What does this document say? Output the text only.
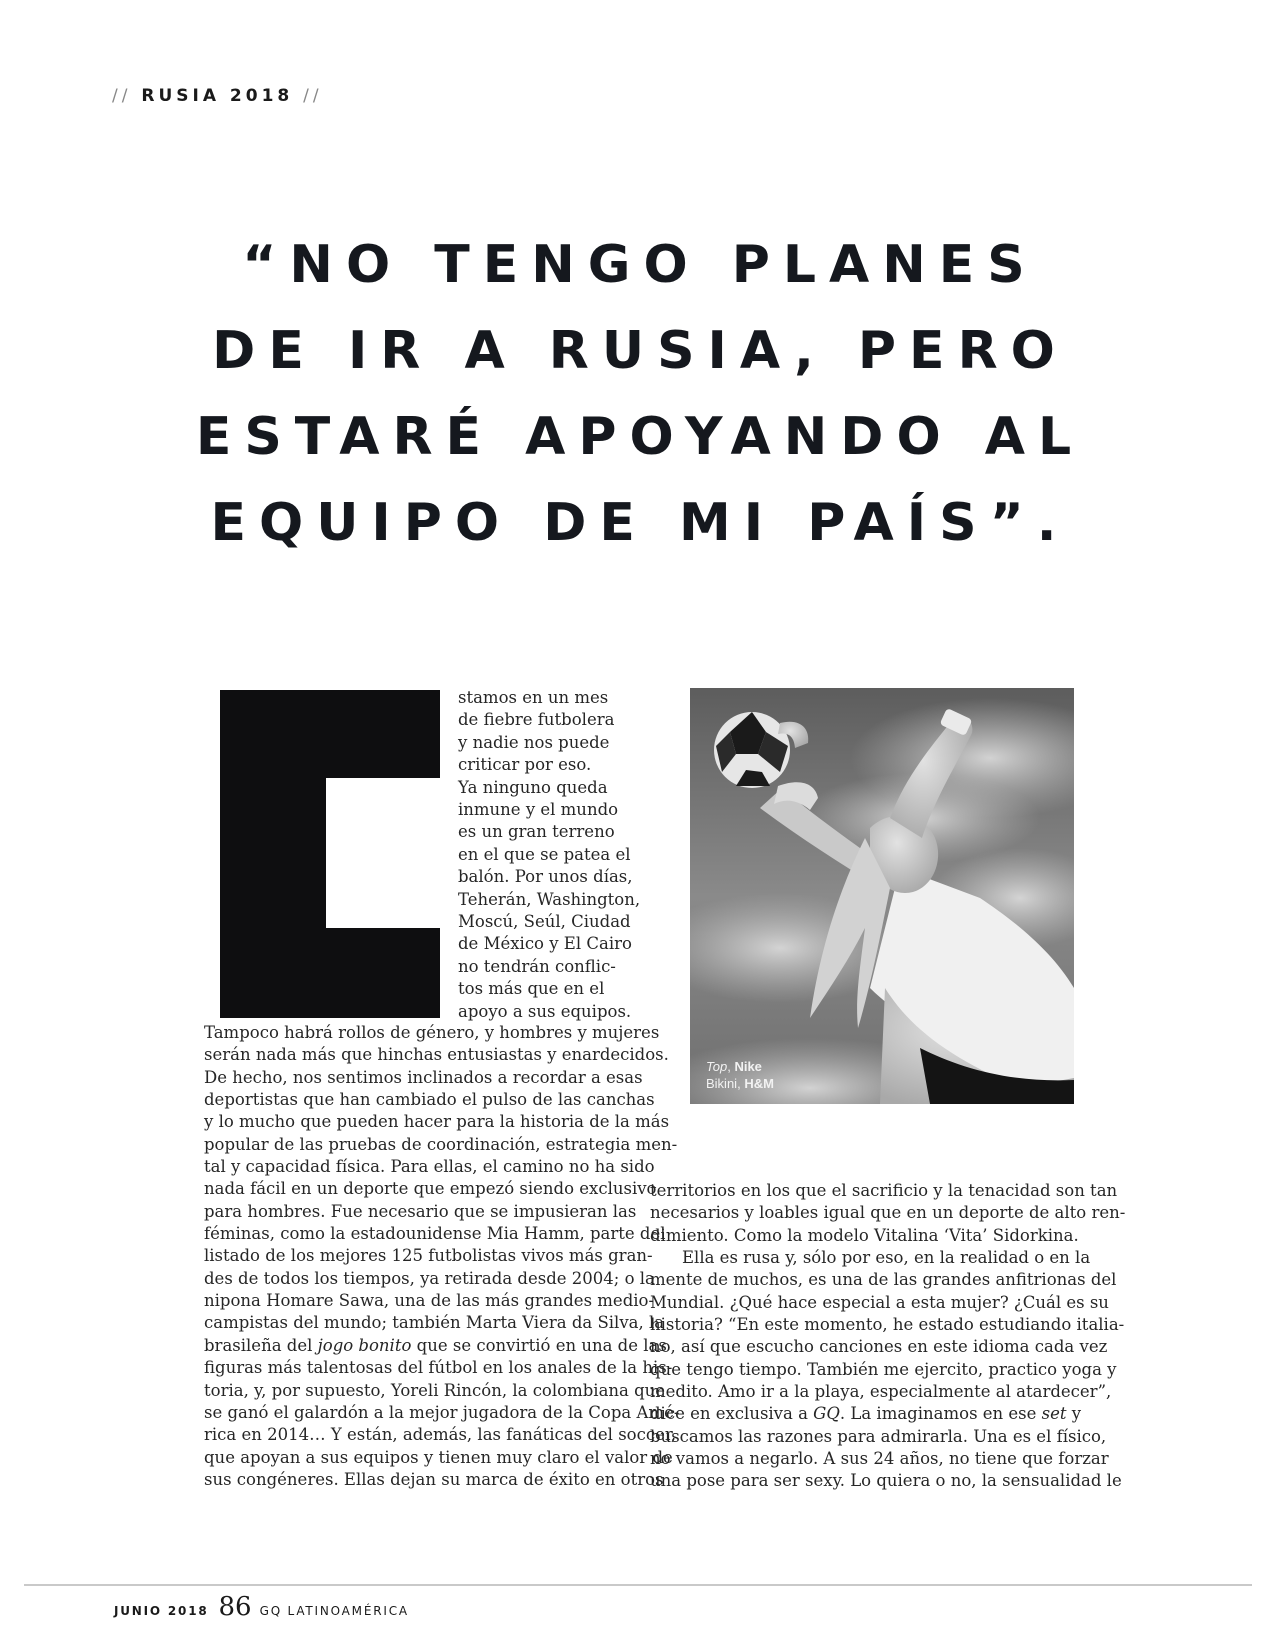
// RUSIA 2018 //
“NO TENGO PLANES
DE IR A RUSIA, PERO
ESTARÉ APOYANDO AL
EQUIPO DE MI PAÍS”.
stamos en un mes
de fiebre futbolera
y nadie nos puede
criticar por eso.
Ya ninguno queda
inmune y el mundo
es un gran terreno
en el que se patea el
balón. Por unos días,
Teherán, Washington,
Moscú, Seúl, Ciudad
de México y El Cairo
no tendrán conflic-
tos más que en el
apoyo a sus equipos.
Tampoco habrá rollos de género, y hombres y mujeres
serán nada más que hinchas entusiastas y enardecidos.
De hecho, nos sentimos inclinados a recordar a esas
deportistas que han cambiado el pulso de las canchas
y lo mucho que pueden hacer para la historia de la más
popular de las pruebas de coordinación, estrategia men-
tal y capacidad física. Para ellas, el camino no ha sido
nada fácil en un deporte que empezó siendo exclusivo
para hombres. Fue necesario que se impusieran las
féminas, como la estadounidense Mia Hamm, parte del
listado de los mejores 125 futbolistas vivos más gran-
des de todos los tiempos, ya retirada desde 2004; o la
nipona Homare Sawa, una de las más grandes medio-
campistas del mundo; también Marta Viera da Silva, la
brasileña del jogo bonito que se convirtió en una de las
figuras más talentosas del fútbol en los anales de la his-
toria, y, por supuesto, Yoreli Rincón, la colombiana que
se ganó el galardón a la mejor jugadora de la Copa Amé-
rica en 2014… Y están, además, las fanáticas del soccer,
que apoyan a sus equipos y tienen muy claro el valor de
sus congéneres. Ellas dejan su marca de éxito en otros
Top, Nike
Bikini, H&M
territorios en los que el sacrificio y la tenacidad son tan
necesarios y loables igual que en un deporte de alto ren-
dimiento. Como la modelo Vitalina ‘Vita’ Sidorkina.
Ella es rusa y, sólo por eso, en la realidad o en la
mente de muchos, es una de las grandes anfitrionas del
Mundial. ¿Qué hace especial a esta mujer? ¿Cuál es su
historia? “En este momento, he estado estudiando italia-
no, así que escucho canciones en este idioma cada vez
que tengo tiempo. También me ejercito, practico yoga y
medito. Amo ir a la playa, especialmente al atardecer”,
dice en exclusiva a GQ. La imaginamos en ese set y
buscamos las razones para admirarla. Una es el físico,
no vamos a negarlo. A sus 24 años, no tiene que forzar
una pose para ser sexy. Lo quiera o no, la sensualidad le
JUNIO 2018 86 GQ LATINOAMÉRICA
